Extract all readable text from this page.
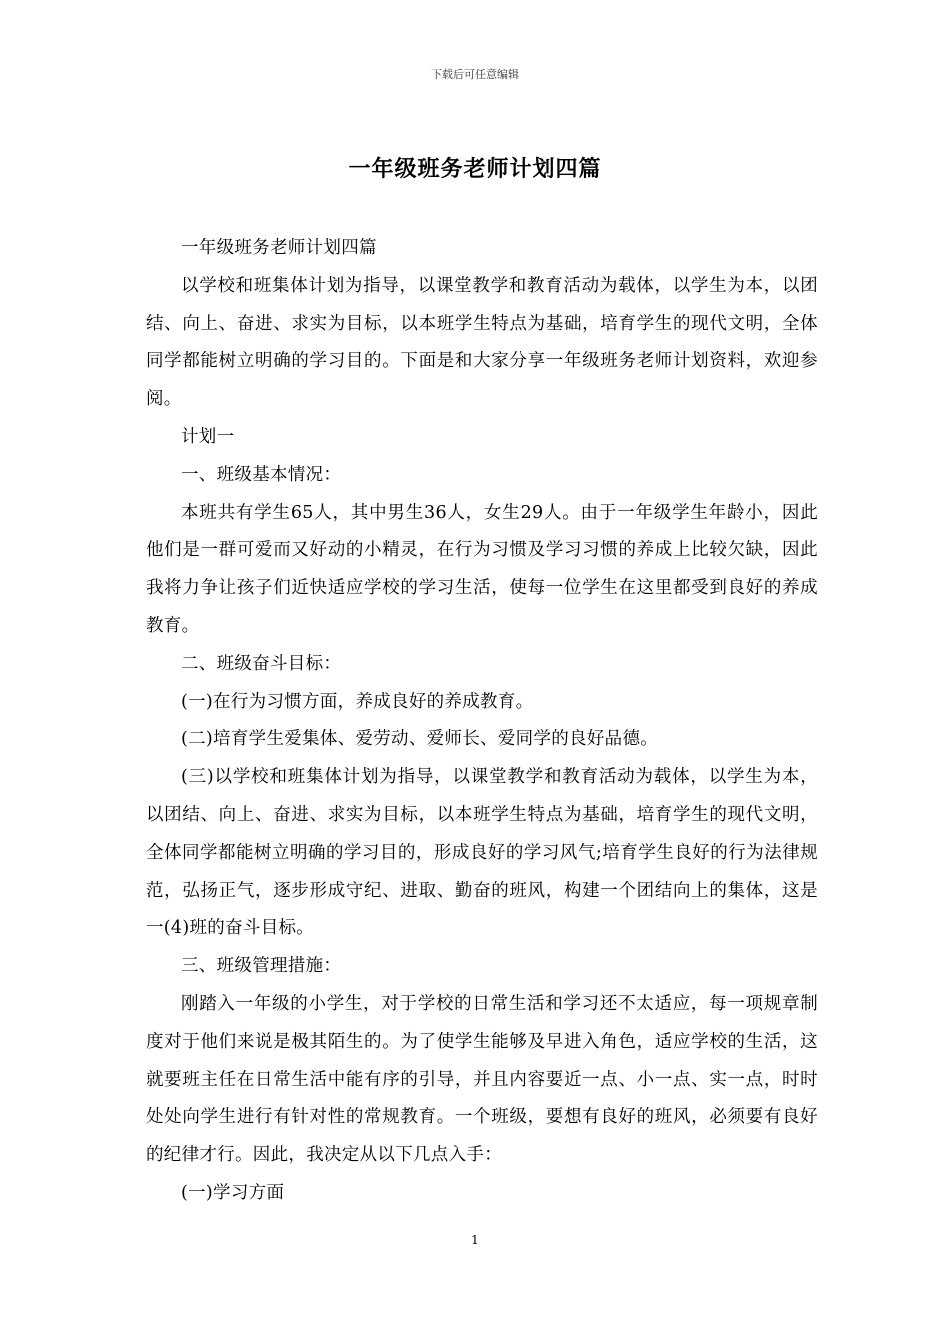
下载后可任意编辑
一年级班务老师计划四篇

一年级班务老师计划四篇

以学校和班集体计划为指导，以课堂教学和教育活动为载体，以学生为本，以团结、向上、奋进、求实为目标，以本班学生特点为基础，培育学生的现代文明，全体同学都能树立明确的学习目的。下面是和大家分享一年级班务老师计划资料，欢迎参阅。

计划一

一、班级基本情况：

本班共有学生65人，其中男生36人，女生29人。由于一年级学生年龄小，因此他们是一群可爱而又好动的小精灵，在行为习惯及学习习惯的养成上比较欠缺，因此我将力争让孩子们近快适应学校的学习生活，使每一位学生在这里都受到良好的养成教育。

二、班级奋斗目标：

(一)在行为习惯方面，养成良好的养成教育。

(二)培育学生爱集体、爱劳动、爱师长、爱同学的良好品德。

(三)以学校和班集体计划为指导，以课堂教学和教育活动为载体，以学生为本，以团结、向上、奋进、求实为目标，以本班学生特点为基础，培育学生的现代文明，全体同学都能树立明确的学习目的，形成良好的学习风气;培育学生良好的行为法律规范，弘扬正气，逐步形成守纪、进取、勤奋的班风，构建一个团结向上的集体，这是一(4)班的奋斗目标。

三、班级管理措施：

刚踏入一年级的小学生，对于学校的日常生活和学习还不太适应，每一项规章制度对于他们来说是极其陌生的。为了使学生能够及早进入角色，适应学校的生活，这就要班主任在日常生活中能有序的引导，并且内容要近一点、小一点、实一点，时时处处向学生进行有针对性的常规教育。一个班级，要想有良好的班风，必须要有良好的纪律才行。因此，我决定从以下几点入手：

(一)学习方面

1
